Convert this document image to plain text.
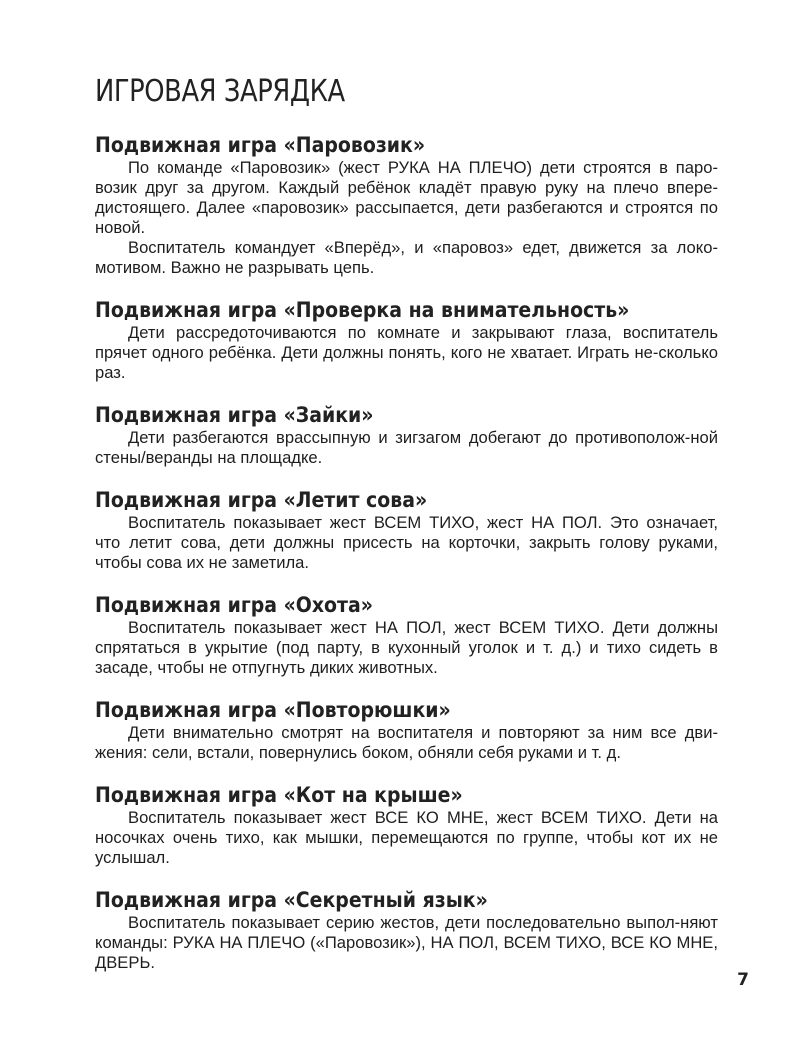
ИГРОВАЯ ЗАРЯДКА
Подвижная игра «Паровозик»

По команде «Паровозик» (жест РУКА НА ПЛЕЧО) дети строятся в паро-возик друг за другом. Каждый ребёнок кладёт правую руку на плечо впере-дистоящего. Далее «паровозик» рассыпается, дети разбегаются и строятся по новой.

Воспитатель командует «Вперёд», и «паровоз» едет, движется за локо-мотивом. Важно не разрывать цепь.

Подвижная игра «Проверка на внимательность»

Дети рассредоточиваются по комнате и закрывают глаза, воспитатель прячет одного ребёнка. Дети должны понять, кого не хватает. Играть не-сколько раз.

Подвижная игра «Зайки»

Дети разбегаются врассыпную и зигзагом добегают до противополож-ной стены/веранды на площадке.

Подвижная игра «Летит сова»

Воспитатель показывает жест ВСЕМ ТИХО, жест НА ПОЛ. Это означает, что летит сова, дети должны присесть на корточки, закрыть голову руками, чтобы сова их не заметила.

Подвижная игра «Охота»

Воспитатель показывает жест НА ПОЛ, жест ВСЕМ ТИХО. Дети должны спрятаться в укрытие (под парту, в кухонный уголок и т. д.) и тихо сидеть в засаде, чтобы не отпугнуть диких животных.

Подвижная игра «Повторюшки»

Дети внимательно смотрят на воспитателя и повторяют за ним все дви-жения: сели, встали, повернулись боком, обняли себя руками и т. д.

Подвижная игра «Кот на крыше»

Воспитатель показывает жест ВСЕ КО МНЕ, жест ВСЕМ ТИХО. Дети на носочках очень тихо, как мышки, перемещаются по группе, чтобы кот их не услышал.

Подвижная игра «Секретный язык»

Воспитатель показывает серию жестов, дети последовательно выпол-няют команды: РУКА НА ПЛЕЧО («Паровозик»), НА ПОЛ, ВСЕМ ТИХО, ВСЕ КО МНЕ, ДВЕРЬ.

7
